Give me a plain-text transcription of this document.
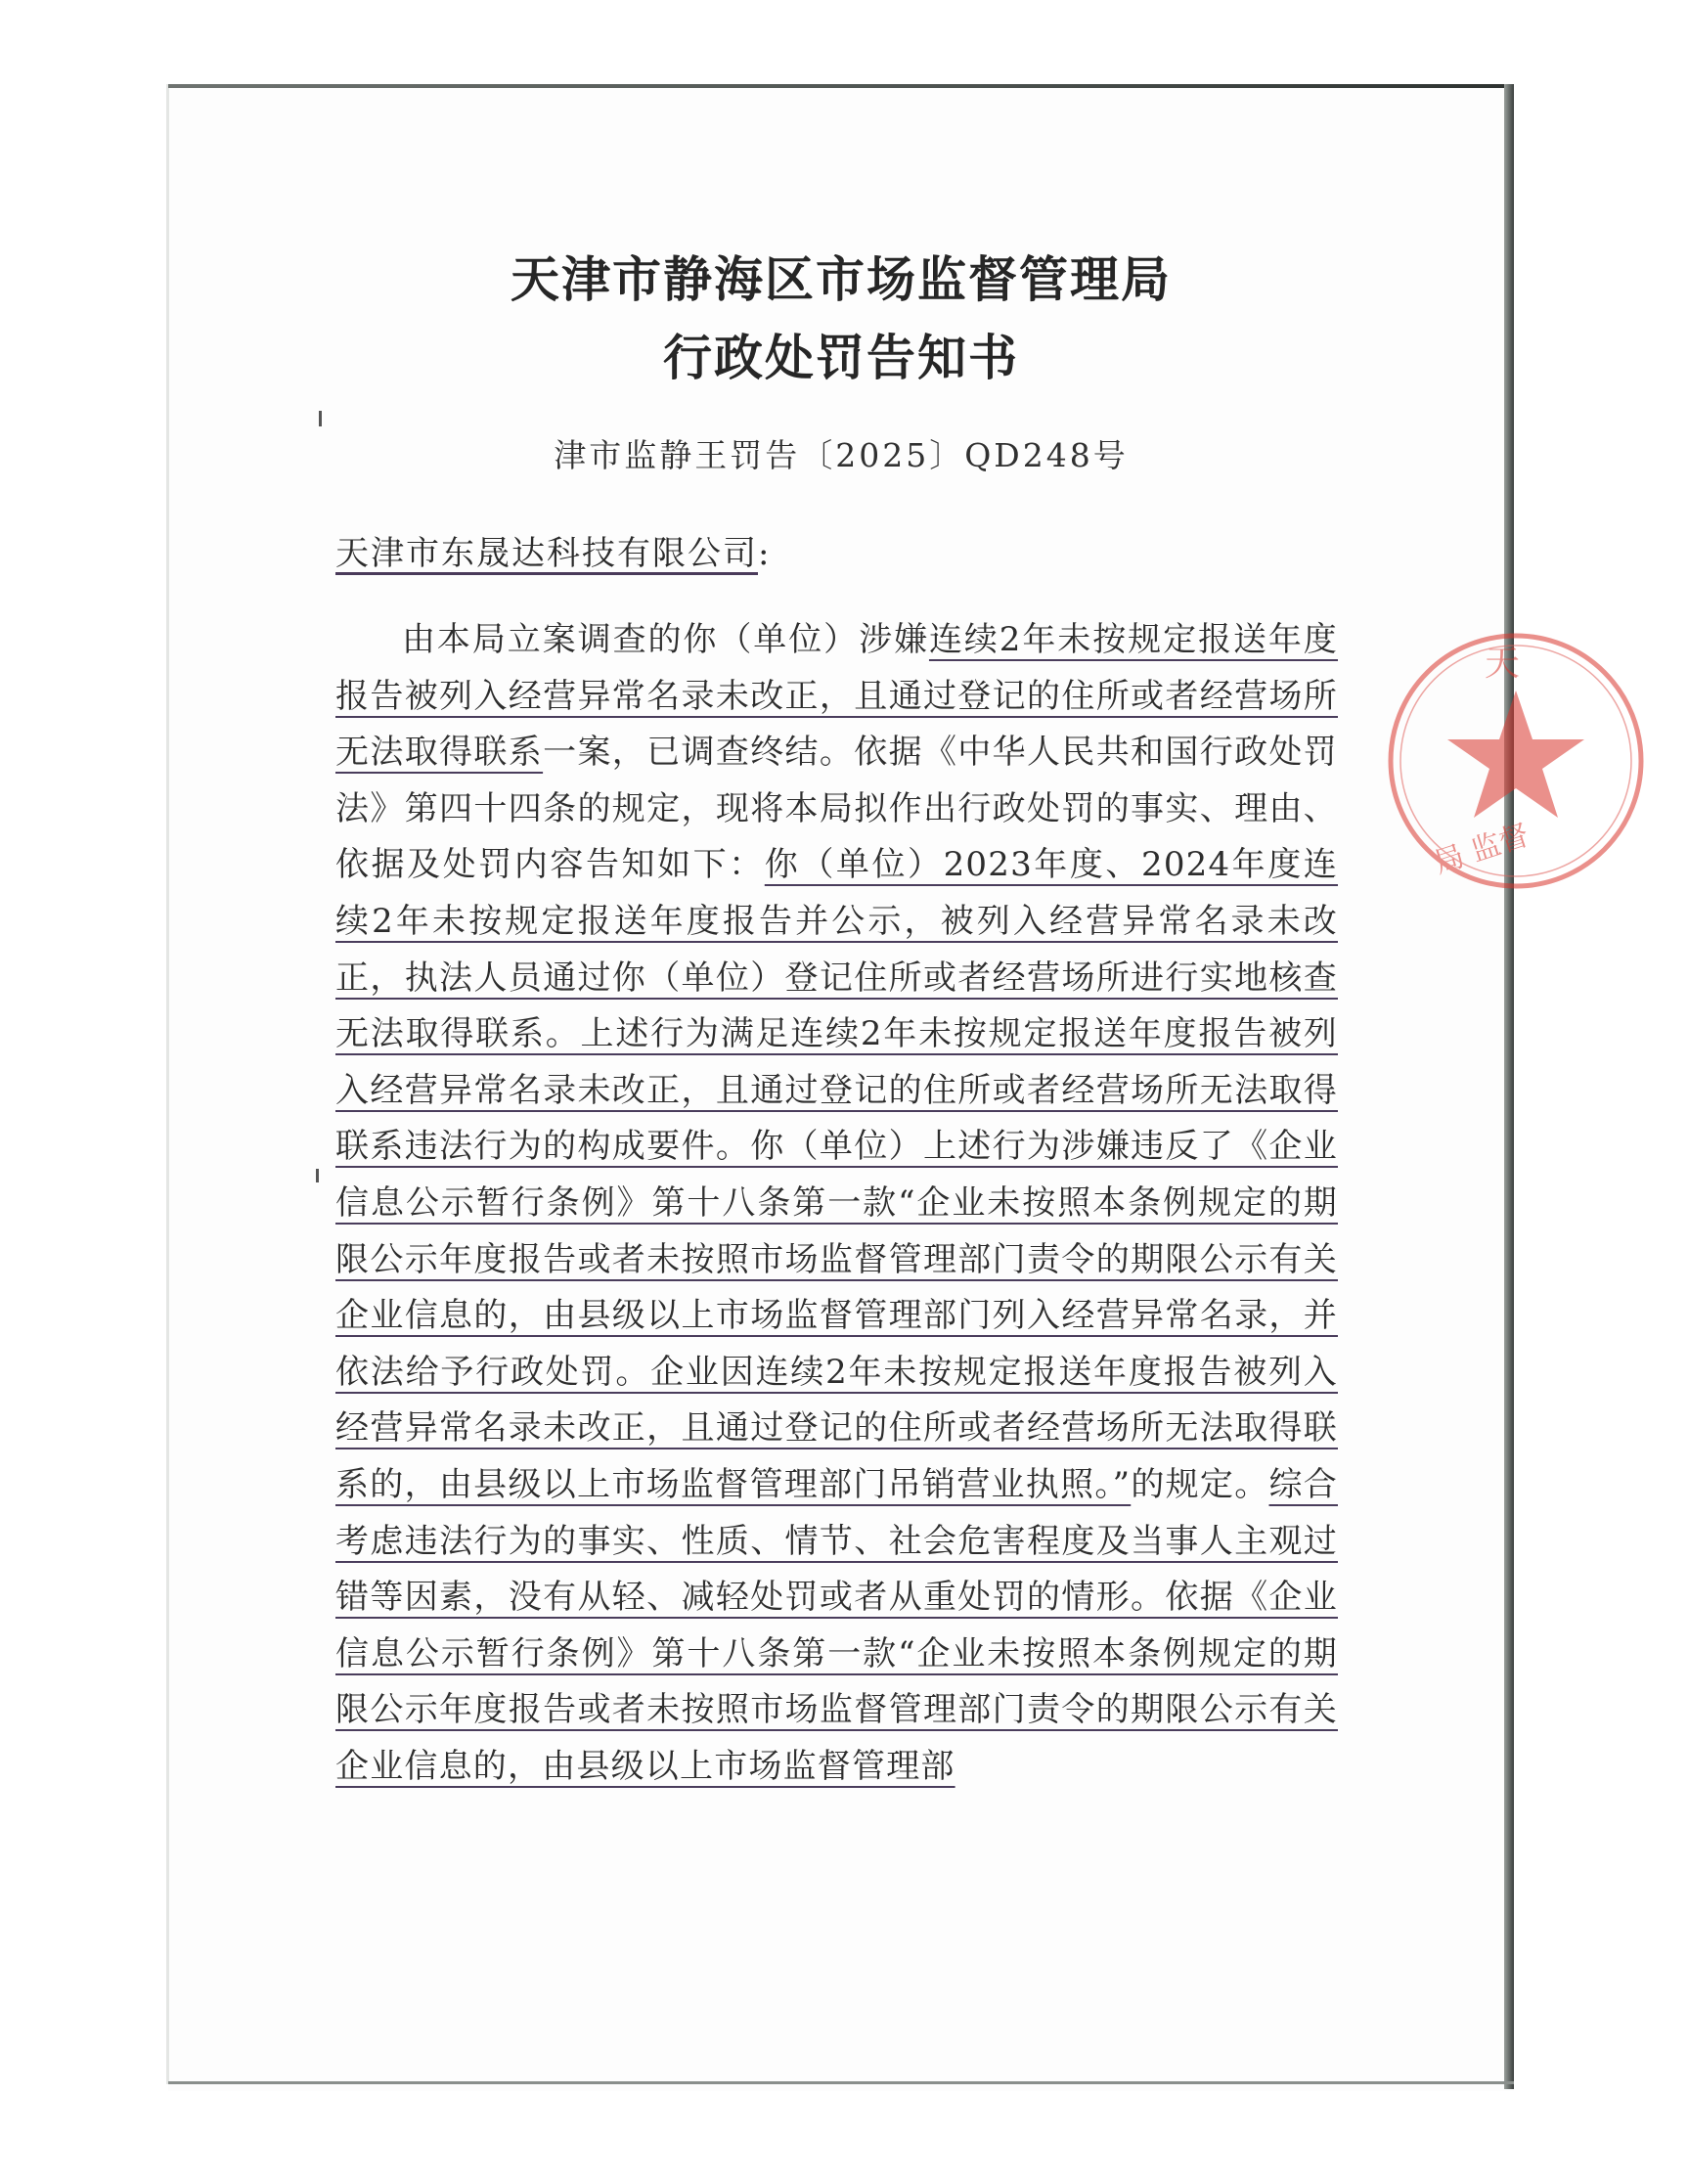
天津市静海区市场监督管理局
行政处罚告知书
津市监静王罚告〔2025〕QD248号
天津市东晟达科技有限公司:

由本局立案调查的你（单位）涉嫌连续2年未按规定报送年度报告被列入经营异常名录未改正，且通过登记的住所或者经营场所无法取得联系一案，已调查终结。依据《中华人民共和国行政处罚法》第四十四条的规定，现将本局拟作出行政处罚的事实、理由、依据及处罚内容告知如下：你（单位）2023年度、2024年度连续2年未按规定报送年度报告并公示，被列入经营异常名录未改正，执法人员通过你（单位）登记住所或者经营场所进行实地核查无法取得联系。上述行为满足连续2年未按规定报送年度报告被列入经营异常名录未改正，且通过登记的住所或者经营场所无法取得联系违法行为的构成要件。你（单位）上述行为涉嫌违反了《企业信息公示暂行条例》第十八条第一款“企业未按照本条例规定的期限公示年度报告或者未按照市场监督管理部门责令的期限公示有关企业信息的，由县级以上市场监督管理部门列入经营异常名录，并依法给予行政处罚。企业因连续2年未按规定报送年度报告被列入经营异常名录未改正，且通过登记的住所或者经营场所无法取得联系的，由县级以上市场监督管理部门吊销营业执照。”的规定。综合考虑违法行为的事实、性质、情节、社会危害程度及当事人主观过错等因素，没有从轻、减轻处罚或者从重处罚的情形。依据《企业信息公示暂行条例》第十八条第一款“企业未按照本条例规定的期限公示年度报告或者未按照市场监督管理部门责令的期限公示有关企业信息的，由县级以上市场监督管理部

天
局 监督
